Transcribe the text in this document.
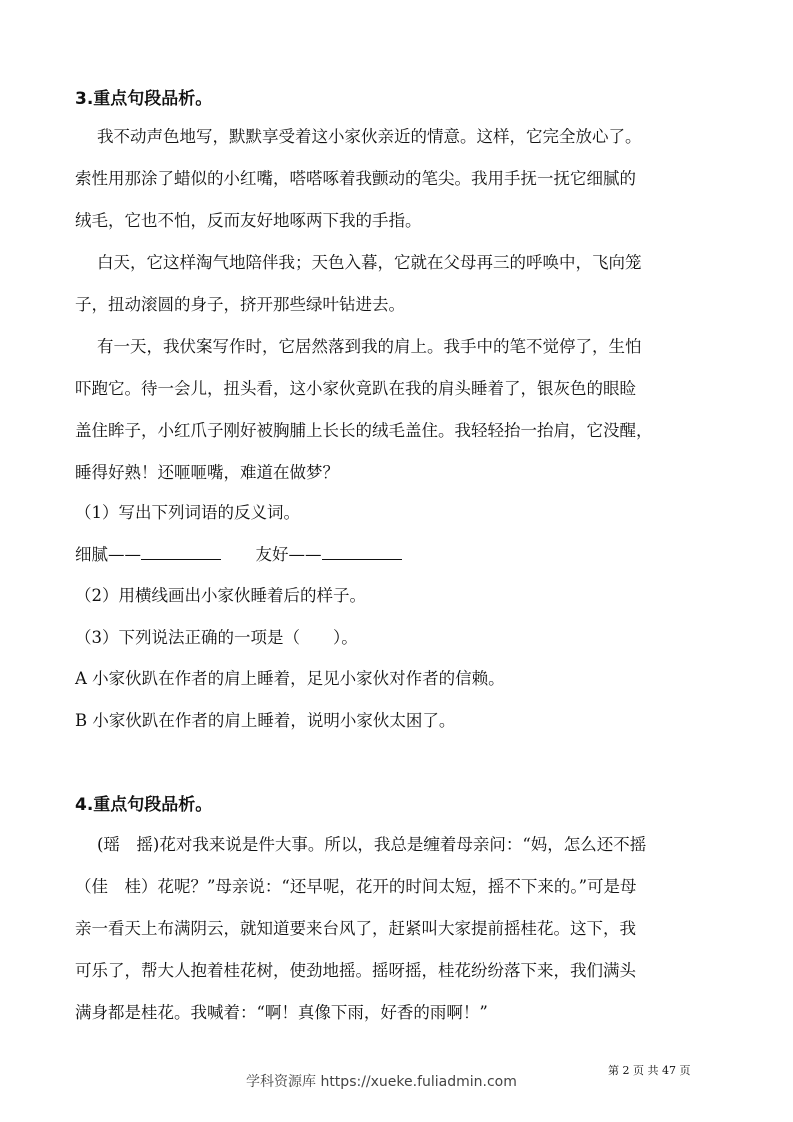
3.重点句段品析。
我不动声色地写，默默享受着这小家伙亲近的情意。这样，它完全放心了。
索性用那涂了蜡似的小红嘴，嗒嗒啄着我颤动的笔尖。我用手抚一抚它细腻的
绒毛，它也不怕，反而友好地啄两下我的手指。
白天，它这样淘气地陪伴我；天色入暮，它就在父母再三的呼唤中，飞向笼
子，扭动滚圆的身子，挤开那些绿叶钻进去。
有一天，我伏案写作时，它居然落到我的肩上。我手中的笔不觉停了，生怕
吓跑它。待一会儿，扭头看，这小家伙竟趴在我的肩头睡着了，银灰色的眼睑
盖住眸子，小红爪子刚好被胸脯上长长的绒毛盖住。我轻轻抬一抬肩，它没醒，
睡得好熟！还咂咂嘴，难道在做梦？
（1）写出下列词语的反义词。
细腻——	友好——
（2）用横线画出小家伙睡着后的样子。
（3）下列说法正确的一项是（　　）。
A 小家伙趴在作者的肩上睡着，足见小家伙对作者的信赖。
B 小家伙趴在作者的肩上睡着，说明小家伙太困了。
4.重点句段品析。
(瑶　摇)花对我来说是件大事。所以，我总是缠着母亲问：“妈，怎么还不摇
（佳　桂）花呢？”母亲说：“还早呢，花开的时间太短，摇不下来的。”可是母
亲一看天上布满阴云，就知道要来台风了，赶紧叫大家提前摇桂花。这下，我
可乐了，帮大人抱着桂花树，使劲地摇。摇呀摇，桂花纷纷落下来，我们满头
满身都是桂花。我喊着：“啊！真像下雨，好香的雨啊！”
第 2 页 共 47 页
学科资源库 https://xueke.fuliadmin.com
